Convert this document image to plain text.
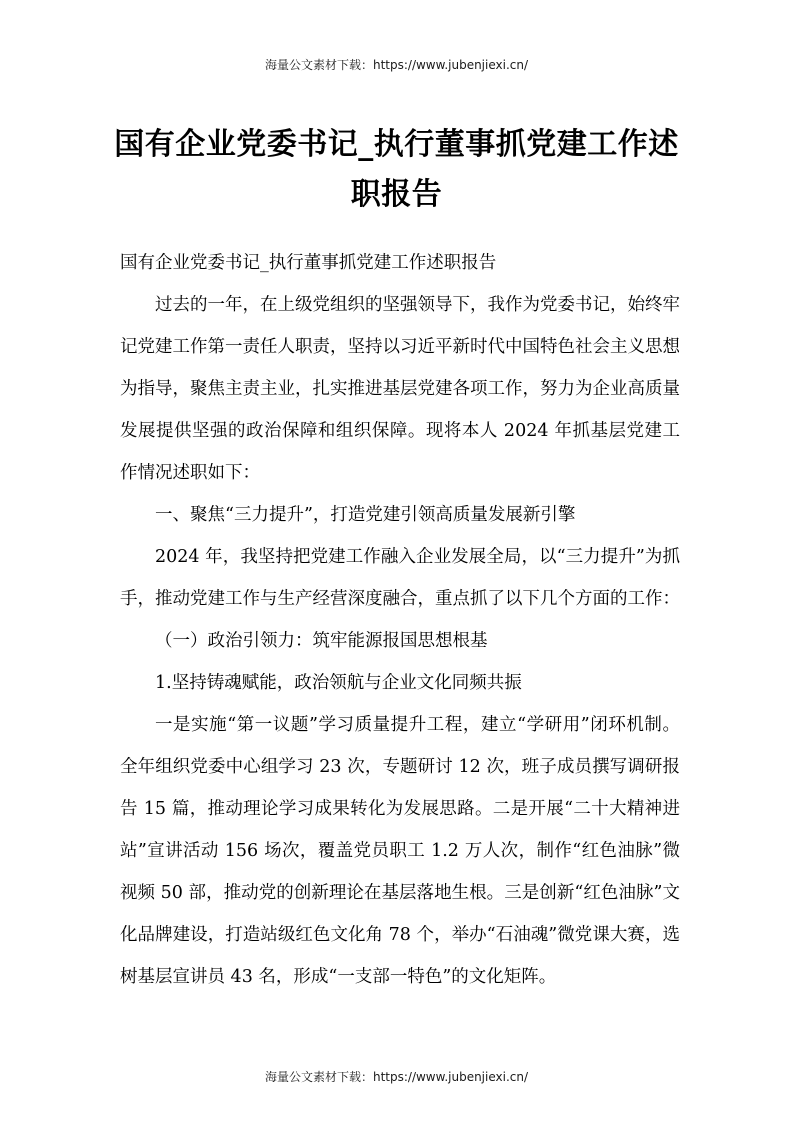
海量公文素材下载：https://www.jubenjiexi.cn/
国有企业党委书记_执行董事抓党建工作述
职报告

国有企业党委书记_执行董事抓党建工作述职报告

过去的一年，在上级党组织的坚强领导下，我作为党委书记，始终牢记党建工作第一责任人职责，坚持以习近平新时代中国特色社会主义思想为指导，聚焦主责主业，扎实推进基层党建各项工作，努力为企业高质量发展提供坚强的政治保障和组织保障。现将本人 2024 年抓基层党建工作情况述职如下：

一、聚焦“三力提升”，打造党建引领高质量发展新引擎

2024 年，我坚持把党建工作融入企业发展全局，以“三力提升”为抓手，推动党建工作与生产经营深度融合，重点抓了以下几个方面的工作：

（一）政治引领力：筑牢能源报国思想根基

1.坚持铸魂赋能，政治领航与企业文化同频共振

一是实施“第一议题”学习质量提升工程，建立“学研用”闭环机制。全年组织党委中心组学习 23 次，专题研讨 12 次，班子成员撰写调研报告 15 篇，推动理论学习成果转化为发展思路。二是开展“二十大精神进站”宣讲活动 156 场次，覆盖党员职工 1.2 万人次，制作“红色油脉”微视频 50 部，推动党的创新理论在基层落地生根。三是创新“红色油脉”文化品牌建设，打造站级红色文化角 78 个，举办“石油魂”微党课大赛，选树基层宣讲员 43 名，形成“一支部一特色”的文化矩阵。

海量公文素材下载：https://www.jubenjiexi.cn/
